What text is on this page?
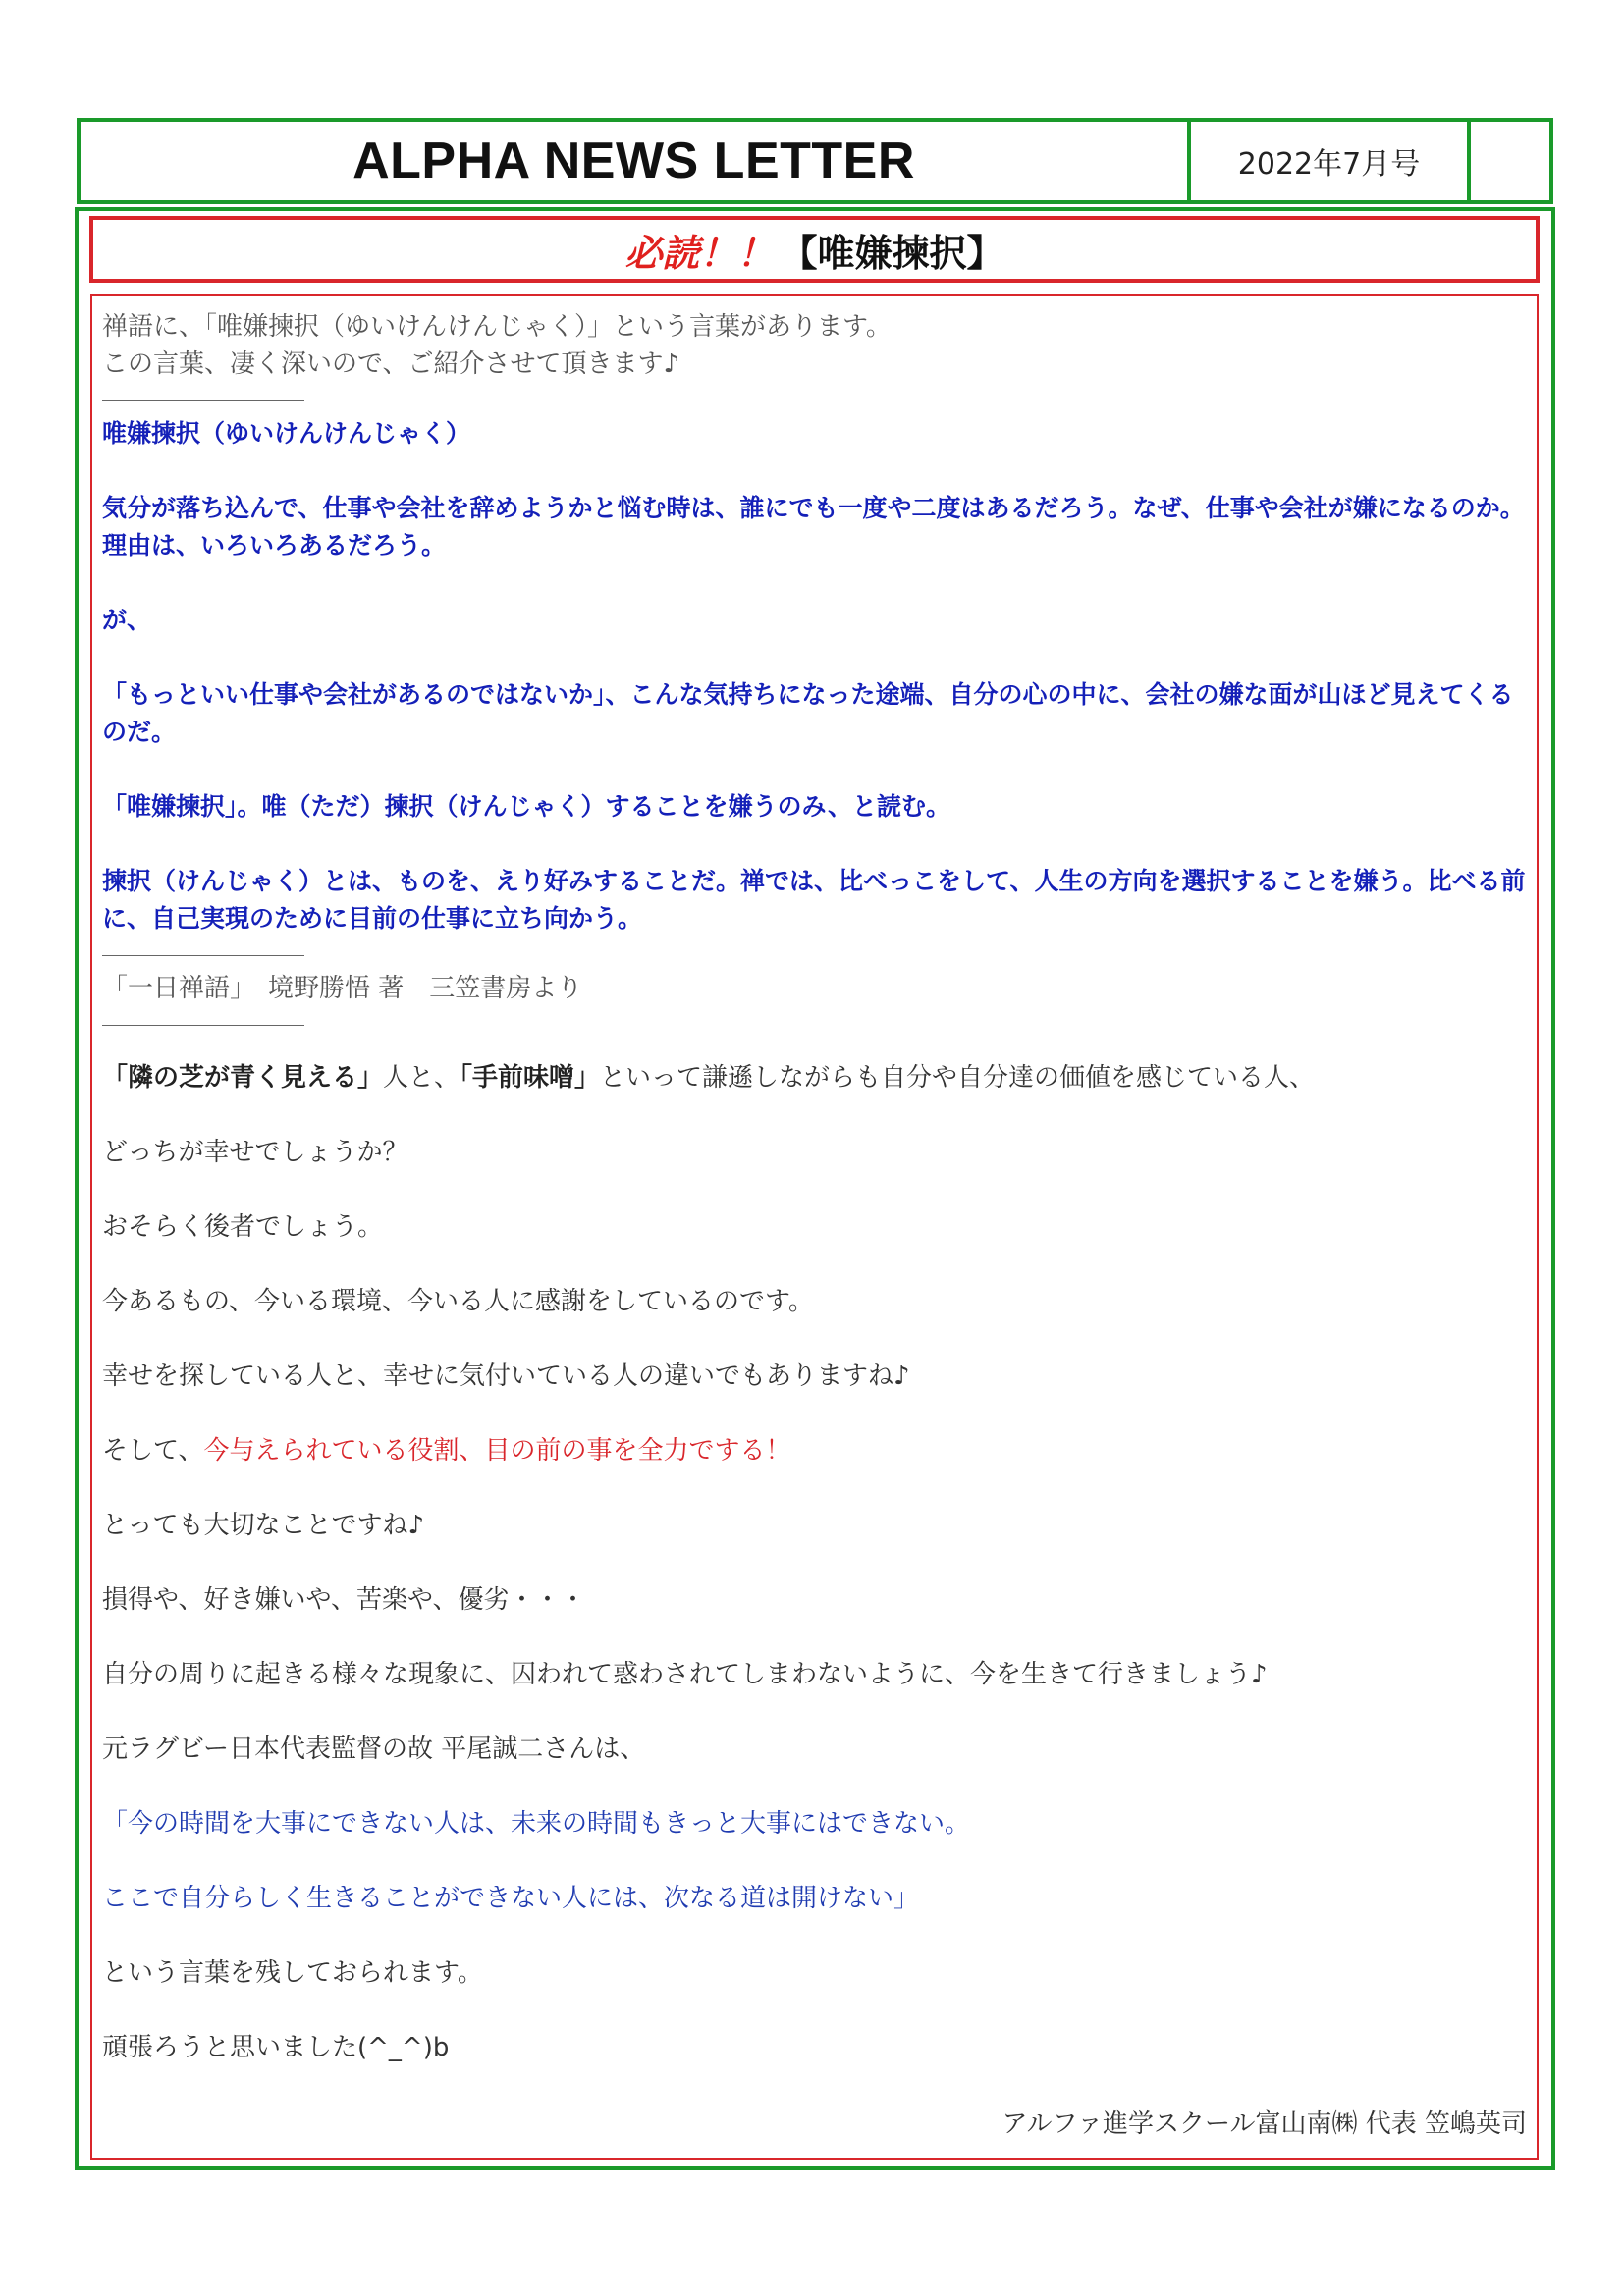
ALPHA NEWS LETTER	2022年7月号
必読！！ 【唯嫌揀択】

禅語に、「唯嫌揀択（ゆいけんけんじゃく）」という言葉があります。

この言葉、凄く深いので、ご紹介させて頂きます♪

唯嫌揀択（ゆいけんけんじゃく）

気分が落ち込んで、仕事や会社を辞めようかと悩む時は、誰にでも一度や二度はあるだろう。なぜ、仕事や会社が嫌になるのか。理由は、いろいろあるだろう。

が、

「もっといい仕事や会社があるのではないか」、こんな気持ちになった途端、自分の心の中に、会社の嫌な面が山ほど見えてくるのだ。

「唯嫌揀択」。唯（ただ）揀択（けんじゃく）することを嫌うのみ、と読む。

揀択（けんじゃく）とは、ものを、えり好みすることだ。禅では、比べっこをして、人生の方向を選択することを嫌う。比べる前に、自己実現のために目前の仕事に立ち向かう。

「一日禅語」　境野勝悟 著　三笠書房より

「隣の芝が青く見える」人と、「手前味噌」といって謙遜しながらも自分や自分達の価値を感じている人、

どっちが幸せでしょうか？

おそらく後者でしょう。

今あるもの、今いる環境、今いる人に感謝をしているのです。

幸せを探している人と、幸せに気付いている人の違いでもありますね♪

そして、今与えられている役割、目の前の事を全力でする！

とっても大切なことですね♪

損得や、好き嫌いや、苦楽や、優劣・・・

自分の周りに起きる様々な現象に、囚われて惑わされてしまわないように、今を生きて行きましょう♪

元ラグビー日本代表監督の故 平尾誠二さんは、

「今の時間を大事にできない人は、未来の時間もきっと大事にはできない。

ここで自分らしく生きることができない人には、次なる道は開けない」

という言葉を残しておられます。

頑張ろうと思いました(^_^)b

アルファ進学スクール富山南㈱ 代表 笠嶋英司
